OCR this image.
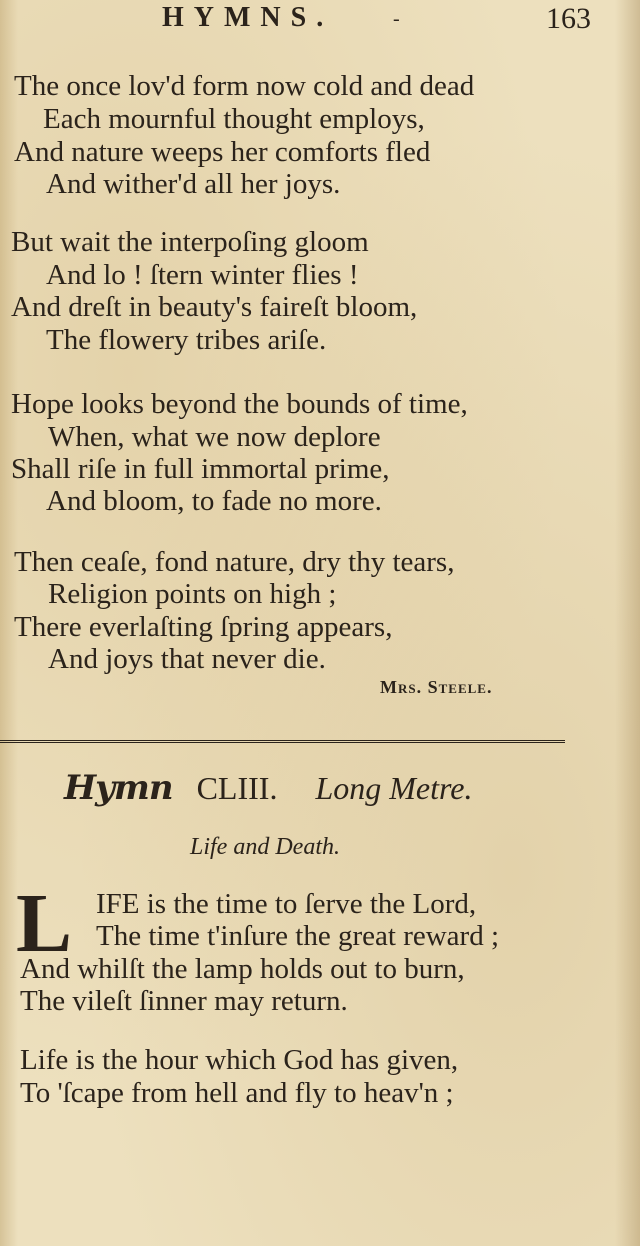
HYMNS.	-	163
The once lov'd form now cold and dead
Each mournful thought employs,
And nature weeps her comforts fled
And wither'd all her joys.
But wait the interpoſing gloom
And lo ! ſtern winter flies !
And dreſt in beauty's faireſt bloom,
The flowery tribes ariſe.
Hope looks beyond the bounds of time,
When, what we now deplore
Shall riſe in full immortal prime,
And bloom, to fade no more.
Then ceaſe, fond nature, dry thy tears,
Religion points on high ;
There everlaſting ſpring appears,
And joys that never die.
Mrs. Steele.
Hymn CLIII. Long Metre.
Life and Death.
L IFE is the time to ſerve the Lord,
The time t'inſure the great reward ;
And whilſt the lamp holds out to burn,
The vileſt ſinner may return.
Life is the hour which God has given,
To 'ſcape from hell and fly to heav'n ;
